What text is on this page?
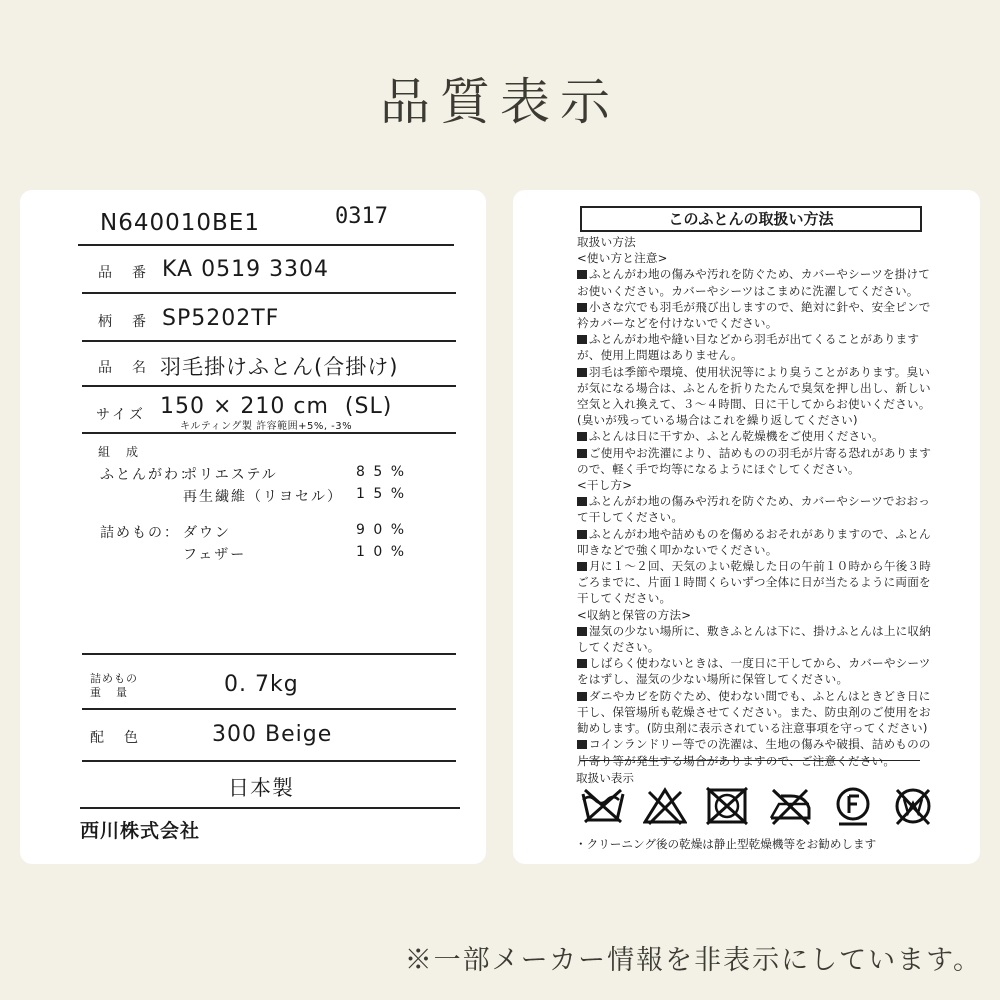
品質表示
N640010BE1	0317
品　番 KA 0519 3304
柄　番 SP5202TF
品　名 羽毛掛けふとん(合掛け)
サイズ 150 × 210 cm  (SL)
キルティング製 許容範囲+5%, -3%
組　成
ふとんがわ：
ポリエステル	8 5 %
再生繊維（リヨセル） 1 5 %
詰めもの： ダウン	9 0 %
フェザー	1 0 %
詰めもの
重　量	0. 7kg
配　色	300 Beige
日本製
西川株式会社
このふとんの取扱い方法

取扱い方法

<使い方と注意>

ふとんがわ地の傷みや汚れを防ぐため、カバーやシーツを掛けてお使いください。カバーやシーツはこまめに洗濯してください。

小さな穴でも羽毛が飛び出しますので、絶対に針や、安全ピンで衿カバーなどを付けないでください。

ふとんがわ地や縫い目などから羽毛が出てくることがありますが、使用上問題はありません。

羽毛は季節や環境、使用状況等により臭うことがあります。臭いが気になる場合は、ふとんを折りたたんで臭気を押し出し、新しい空気と入れ換えて、３～４時間、日に干してからお使いください。(臭いが残っている場合はこれを繰り返してください)

ふとんは日に干すか、ふとん乾燥機をご使用ください。

ご使用やお洗濯により、詰めものの羽毛が片寄る恐れがありますので、軽く手で均等になるようにほぐしてください。

<干し方>

ふとんがわ地の傷みや汚れを防ぐため、カバーやシーツでおおって干してください。

ふとんがわ地や詰めものを傷めるおそれがありますので、ふとん叩きなどで強く叩かないでください。

月に１～２回、天気のよい乾燥した日の午前１０時から午後３時ごろまでに、片面１時間くらいずつ全体に日が当たるように両面を干してください。

<収納と保管の方法>

湿気の少ない場所に、敷きふとんは下に、掛けふとんは上に収納してください。

しばらく使わないときは、一度日に干してから、カバーやシーツをはずし、湿気の少ない場所に保管してください。

ダニやカビを防ぐため、使わない間でも、ふとんはときどき日に干し、保管場所も乾燥させてください。また、防虫剤のご使用をお勧めします。(防虫剤に表示されている注意事項を守ってください)

コインランドリー等での洗濯は、生地の傷みや破損、詰めものの片寄り等が発生する場合がありますので、ご注意ください。

取扱い表示
・クリーニング後の乾燥は静止型乾燥機等をお勧めします
※一部メーカー情報を非表示にしています。
